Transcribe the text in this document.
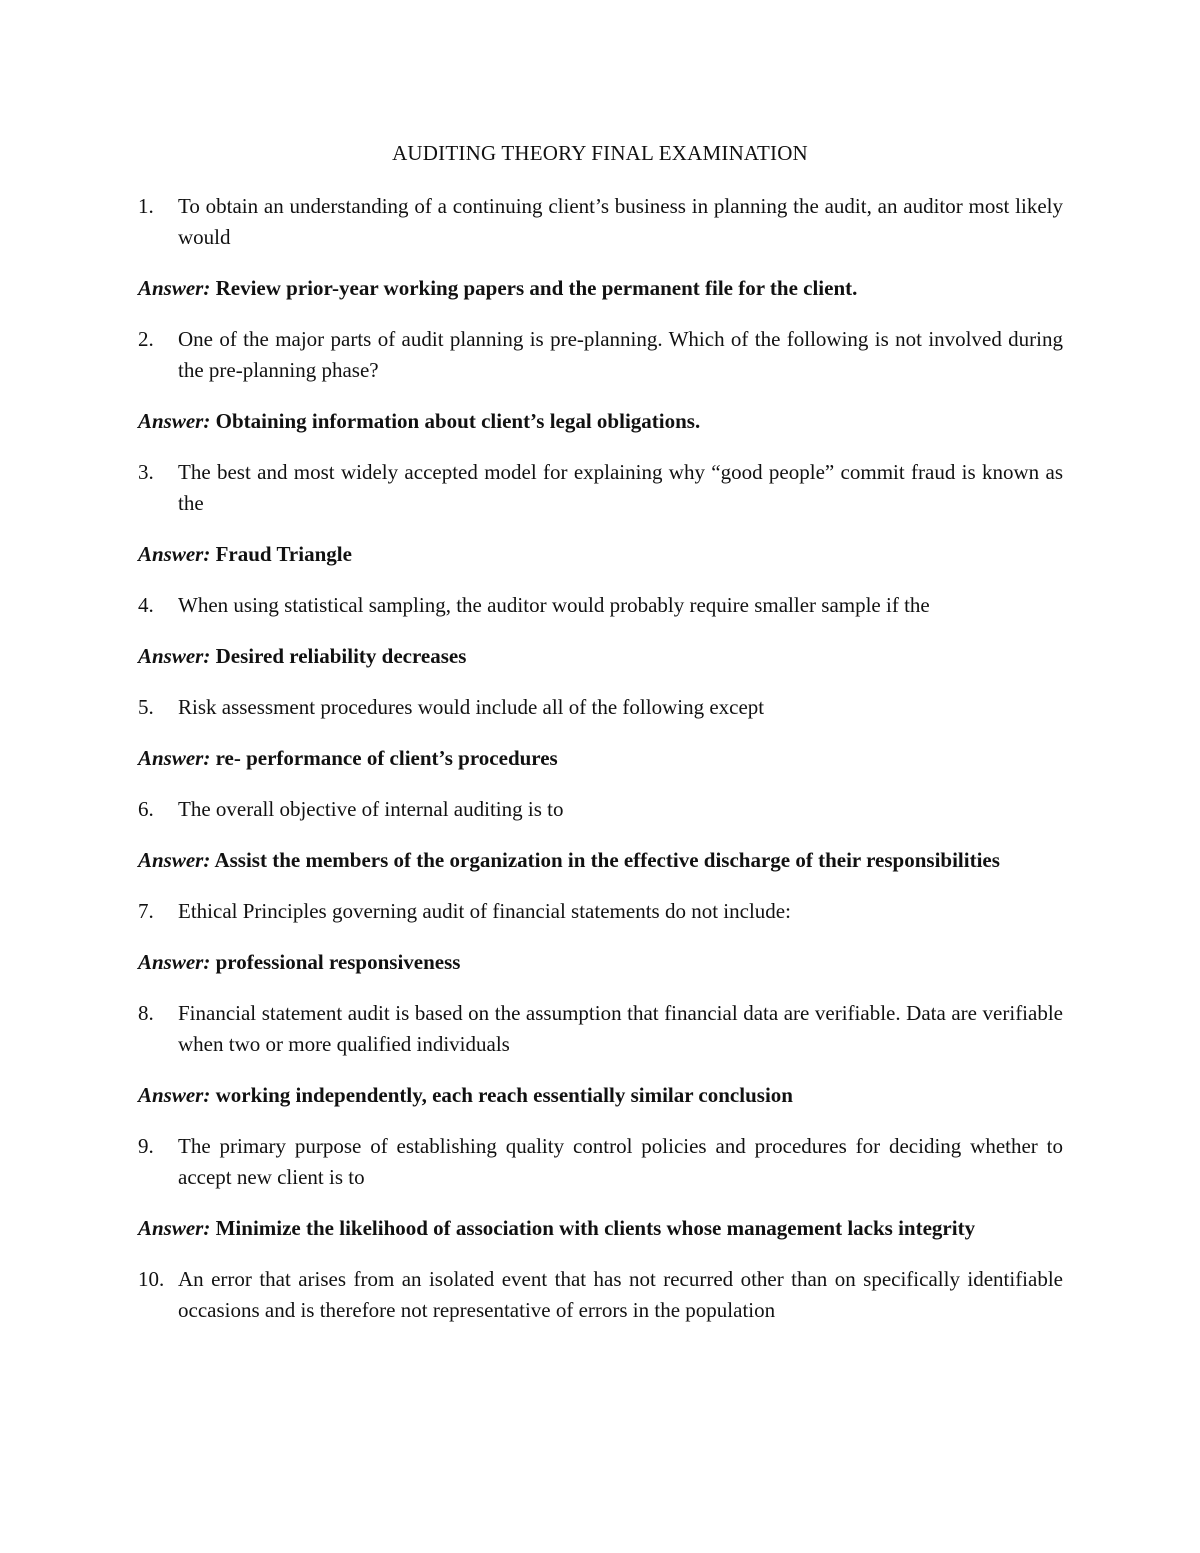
AUDITING THEORY FINAL EXAMINATION
1. To obtain an understanding of a continuing client’s business in planning the audit, an auditor most likely would
Answer: Review prior-year working papers and the permanent file for the client.
2. One of the major parts of audit planning is pre-planning. Which of the following is not involved during the pre-planning phase?
Answer: Obtaining information about client’s legal obligations.
3. The best and most widely accepted model for explaining why “good people” commit fraud is known as the
Answer: Fraud Triangle
4. When using statistical sampling, the auditor would probably require smaller sample if the
Answer: Desired reliability decreases
5. Risk assessment procedures would include all of the following except
Answer: re- performance of client’s procedures
6. The overall objective of internal auditing is to
Answer: Assist the members of the organization in the effective discharge of their responsibilities
7. Ethical Principles governing audit of financial statements do not include:
Answer: professional responsiveness
8. Financial statement audit is based on the assumption that financial data are verifiable. Data are verifiable when two or more qualified individuals
Answer: working independently, each reach essentially similar conclusion
9. The primary purpose of establishing quality control policies and procedures for deciding whether to accept new client is to
Answer: Minimize the likelihood of association with clients whose management lacks integrity
10. An error that arises from an isolated event that has not recurred other than on specifically identifiable occasions and is therefore not representative of errors in the population
